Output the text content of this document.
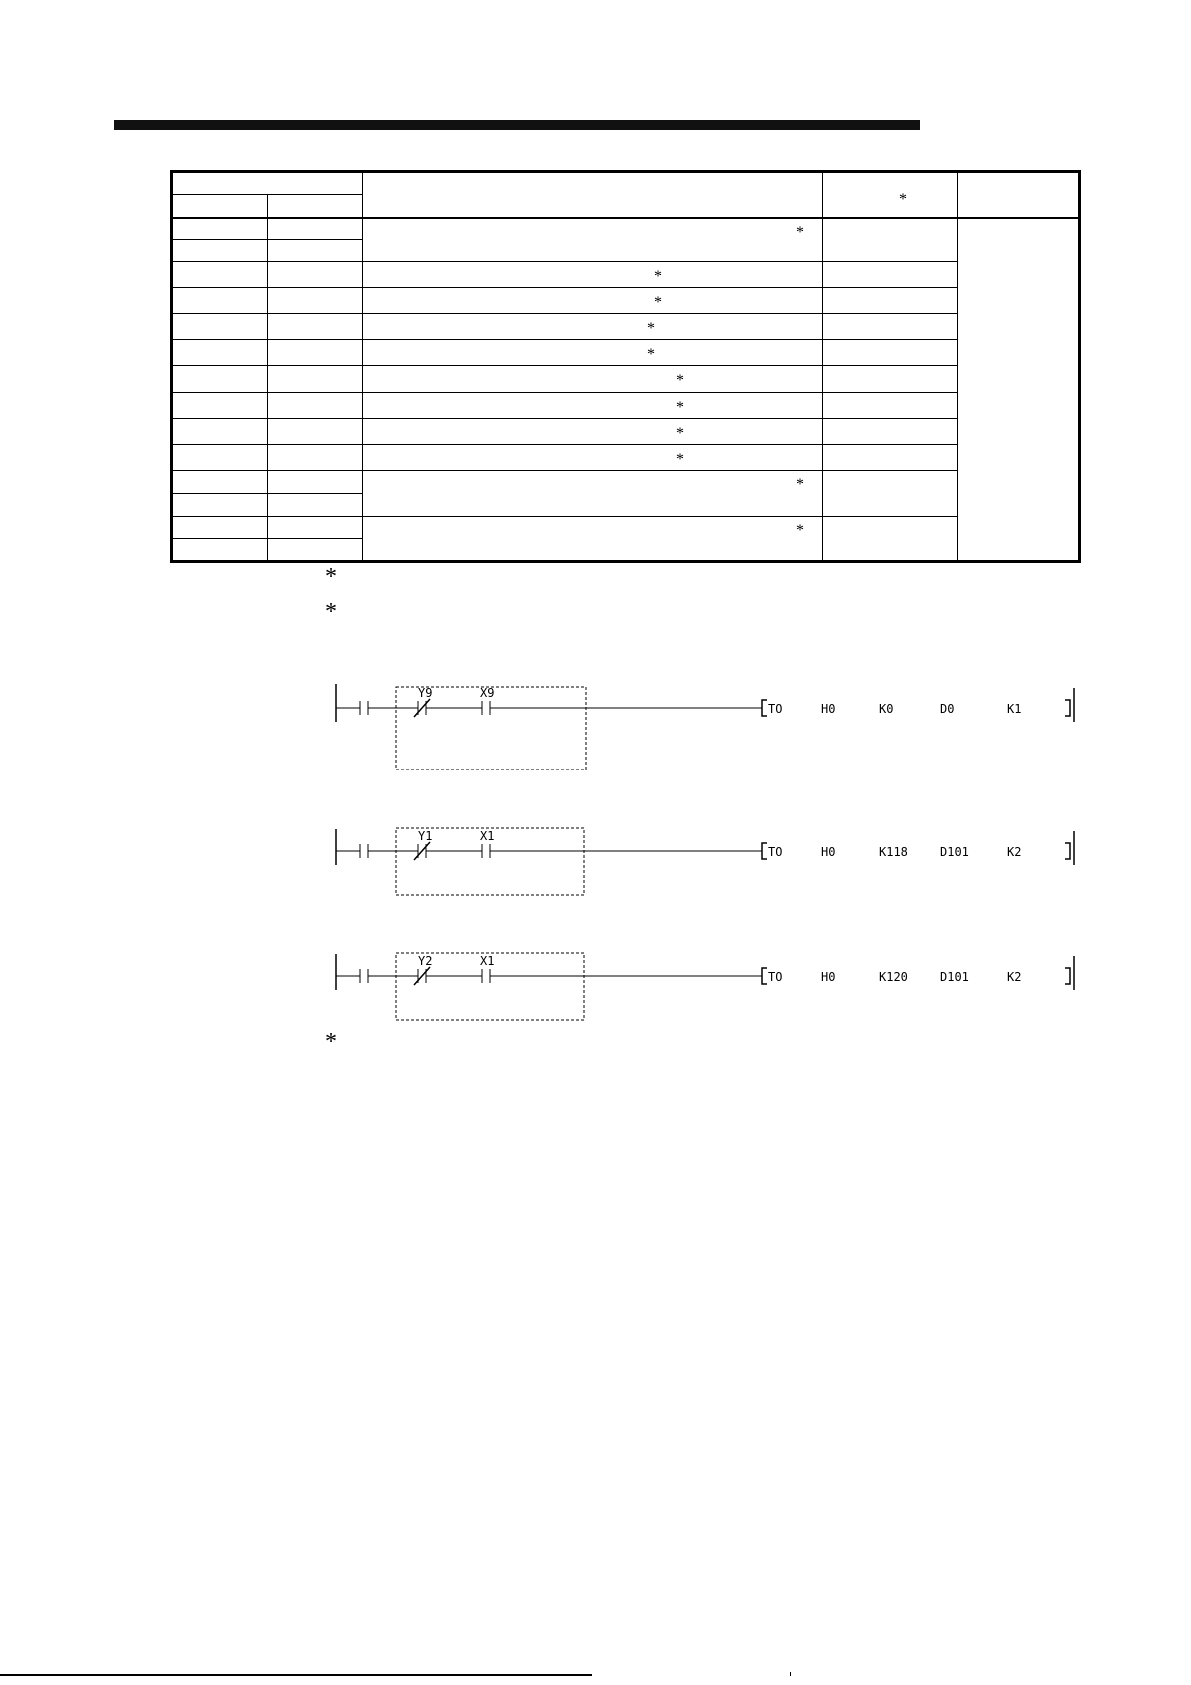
			*	

		*		

		*		

		*		

		*		

		*		

		*		

		*		

		*		

		*		

		*		

		*		

*
*
Y9	X9
TO	H0	K0	D0	K1
Y1	X1
TO	H0	K118	D101	K2
Y2	X1
TO	H0	K120	D101	K2
*
